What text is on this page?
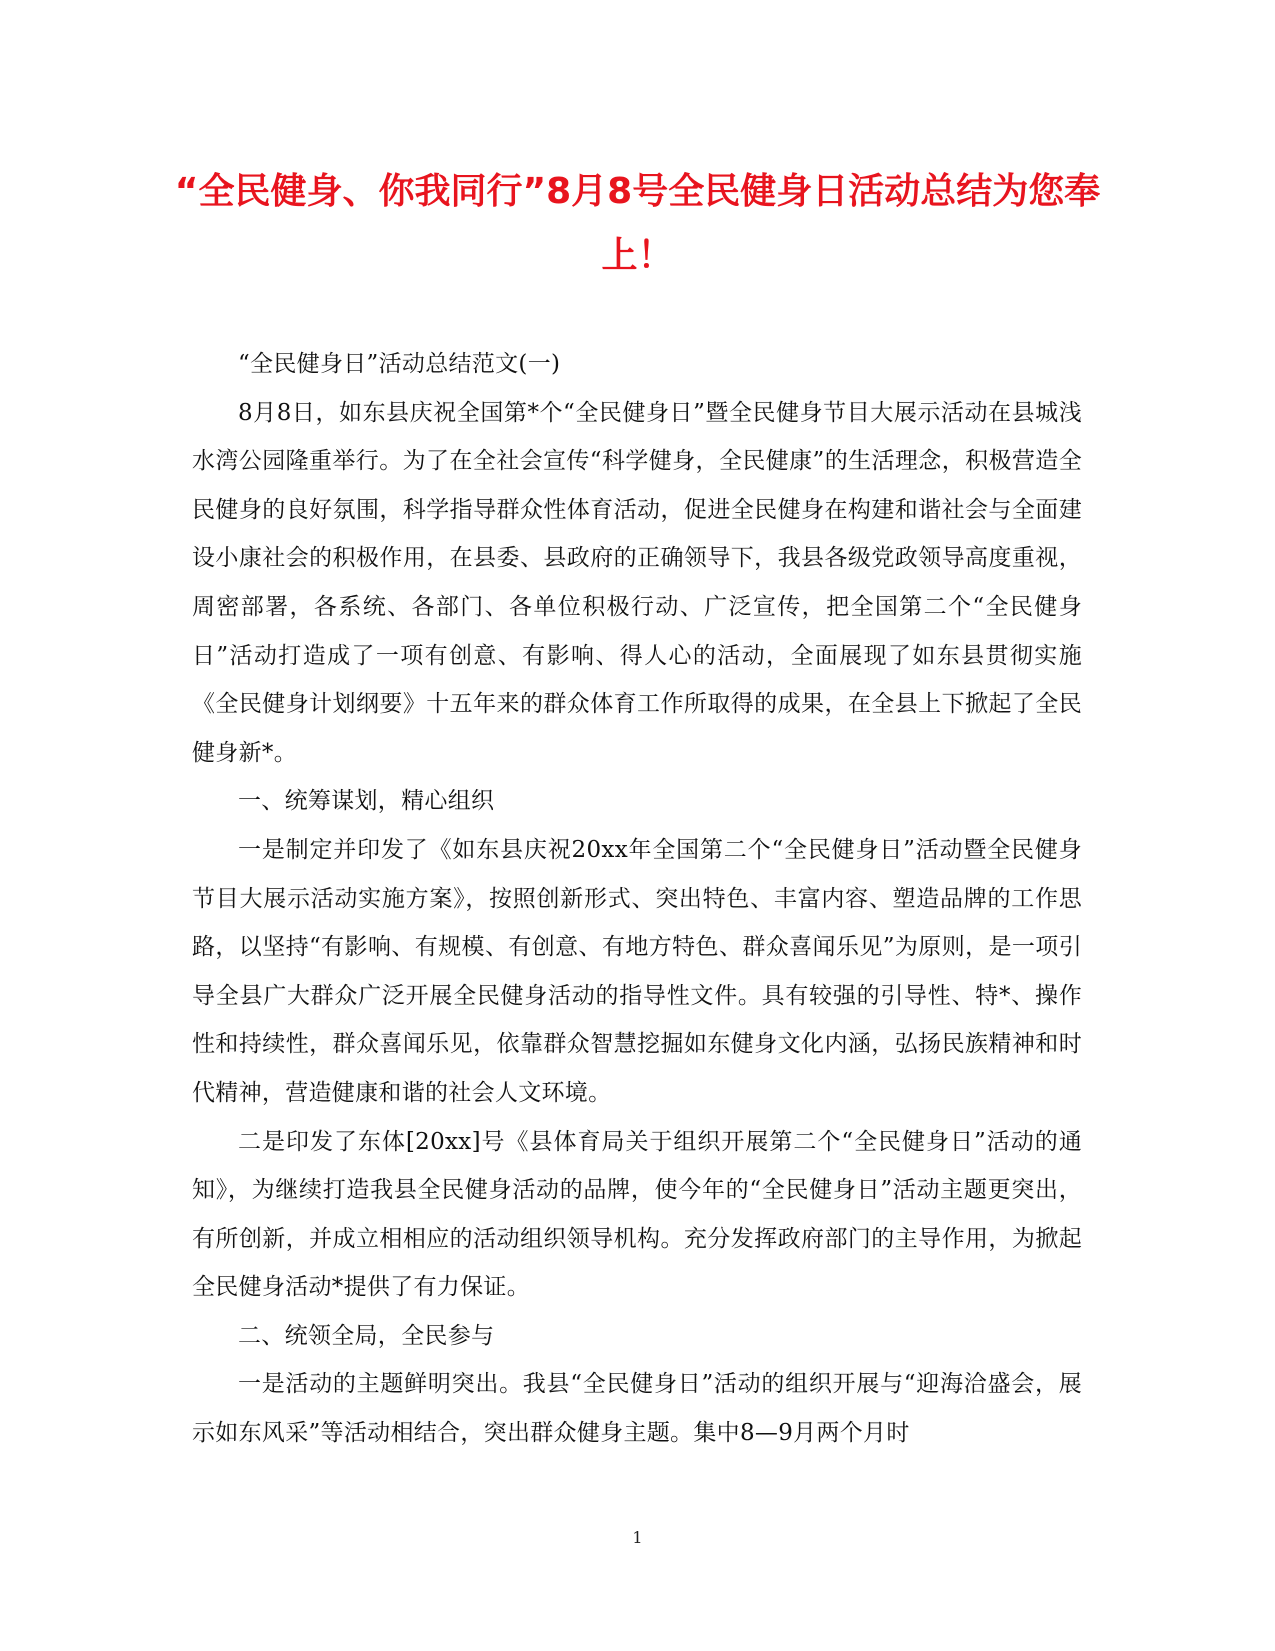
“全民健身、你我同行”8月8号全民健身日活动总结为您奉上！

“全民健身日”活动总结范文(一)

8月8日，如东县庆祝全国第*个“全民健身日”暨全民健身节目大展示活动在县城浅水湾公园隆重举行。为了在全社会宣传“科学健身，全民健康”的生活理念，积极营造全民健身的良好氛围，科学指导群众性体育活动，促进全民健身在构建和谐社会与全面建设小康社会的积极作用，在县委、县政府的正确领导下，我县各级党政领导高度重视，周密部署，各系统、各部门、各单位积极行动、广泛宣传，把全国第二个“全民健身日”活动打造成了一项有创意、有影响、得人心的活动，全面展现了如东县贯彻实施《全民健身计划纲要》十五年来的群众体育工作所取得的成果，在全县上下掀起了全民健身新*。

一、统筹谋划，精心组织

一是制定并印发了《如东县庆祝20xx年全国第二个“全民健身日”活动暨全民健身节目大展示活动实施方案》，按照创新形式、突出特色、丰富内容、塑造品牌的工作思路，以坚持“有影响、有规模、有创意、有地方特色、群众喜闻乐见”为原则，是一项引导全县广大群众广泛开展全民健身活动的指导性文件。具有较强的引导性、特*、操作性和持续性，群众喜闻乐见，依靠群众智慧挖掘如东健身文化内涵，弘扬民族精神和时代精神，营造健康和谐的社会人文环境。

二是印发了东体[20xx]号《县体育局关于组织开展第二个“全民健身日”活动的通知》，为继续打造我县全民健身活动的品牌，使今年的“全民健身日”活动主题更突出，有所创新，并成立相相应的活动组织领导机构。充分发挥政府部门的主导作用，为掀起全民健身活动*提供了有力保证。

二、统领全局，全民参与

一是活动的主题鲜明突出。我县“全民健身日”活动的组织开展与“迎海洽盛会，展示如东风采”等活动相结合，突出群众健身主题。集中8—9月两个月时

1
